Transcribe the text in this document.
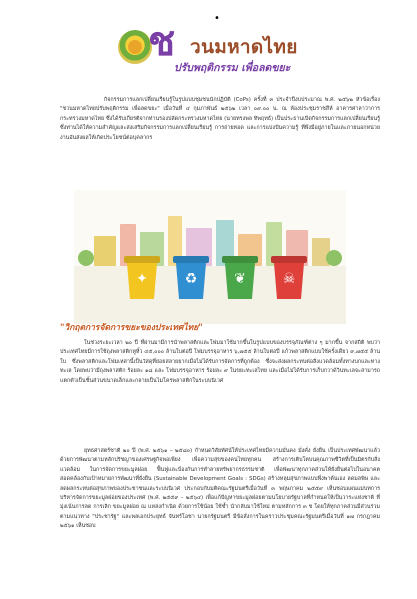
•
ช วนมหาดไทย
ปรับพฤติกรรม เพื่อลดขยะ

กิจกรรมการแลกเปลี่ยนเรียนรู้ในรูปแบบชุมชนนักปฏิบัติ (CoPs) ครั้งที่ ๓ ประจำปีงบประมาณ พ.ศ. ๒๕๖๒ หัวข้อเรื่อง "ชวนมหาดไทยปรับพฤติกรรม เพื่อลดขยะ" เมื่อวันที่ ๔ กุมภาพันธ์ ๒๕๖๒ เวลา ๐๙.๐๐ น. ณ ห้องประชุมราชสีห์ อาคารศาลาว่าการกระทรวงมหาดไทย ซึ่งได้รับเกียรติจากท่านรองปลัดกระทรวงมหาดไทย (นายทรงพล ทิพฤทธ์) เป็นประธานเปิดกิจกรรมการแลกเปลี่ยนเรียนรู้ ซึ่งท่านได้ให้ความสำคัญและส่งเสริมกิจกรรมการแลกเปลี่ยนเรียนรู้ การถ่ายทอด และการแบ่งปันความรู้ ที่พึงมีอยู่ภายในและภายนอกหน่วยงานอันส่งผลให้เกิดประโยชน์ต่อบุคลากร

✦	♻	❦	☠
"วิกฤตการจัดการขยะของประเทศไทย"

ในช่วงระยะเวลา ๒๐ ปี ที่ผ่านมามีการนำพลาสติกและโฟมมาใช้มากขึ้นในรูปแบบของบรรจุภัณฑ์ต่าง ๆ มากขึ้น จากสถิติ พบว่า ประเทศไทยมีการใช้ถุงพลาสติกหูหิ้ว ๔๕,๐๐๐ ล้านใบต่อปี โฟมบรรจุอาหาร ๖,๗๕๕ ล้านใบต่อปี แก้วพลาสติกแบบใช้ครั้งเดียว ๙,๗๕๕ ล้านใบ ซึ่งพลาสติกและโฟมเหล่านี้เป็นวัสดุที่ย่อยสลายยากเมื่อไม่ได้รับการจัดการที่ถูกต้อง ซึ่งจะส่งผลกระทบต่อสิ่งแวดล้อมทั้งทางบกและทางทะเล โดยพบว่ามีถุงพลาสติก ร้อยละ ๑๘ และ โฟมบรรจุอาหาร ร้อยละ ๙ ในขยะทะเลไทย และเมื่อไม่ได้รับการเก็บกวาด้วินทะเลจะสามารถแตกตัวเป็นชิ้นส่วนขนาดเล็กและกลายเป็นไมโครพลาสติกในระบบนิเวศ

ยุทธศาสตร์ชาติ ๒๐ ปี (พ.ศ. ๒๕๖๑ – ๒๕๘๐) กำหนดวิสัยทัศน์ให้ประเทศไทยมีความมั่นคง มั่งคั่ง ยั่งยืน เป็นประเทศพัฒนาแล้ว ด้วยการพัฒนาตามหลักปรัชญาของเศรษฐกิจพอเพียง เพื่อความสุขของคนไทยทุกคน สร้างการเติบโตบนคุณภาพชีวิตที่เป็นมิตรกับสิ่งแวดล้อม ในการจัดการขยะมูลฝอย ฟื้นฟูและป้องกันการทำลายทรัพยากรธรรมชาติ เพื่อพัฒนาทุกภาคส่วนให้ยั่งยืนต่อไปในอนาคต สอดคล้องกับเป้าหมายการพัฒนาที่ยั่งยืน (Sustainable Development Goals : SDGs) สร้างหลุมสุขภาพแบบพึ่งพาต้นเอง ลดมลพิษ และลดผลกระทบต่อสุขภาพของประชาชนและระบบนิเวศ ประกอบกับมติคณะรัฐมนตรีเมื่อวันที่ ๓ พฤษภาคม ๒๕๕๙ เห็นชอบแผนแม่บทการบริหารจัดการขยะมูลฝอยของประเทศ (พ.ศ. ๒๕๕๙ – ๒๕๖๔) เพื่อแก้ปัญหาขยะมูลฝอยตามนโยบายรัฐบาลที่กำหนดให้เป็นวาระแห่งชาติ ที่มุ่งเน้นการลด การเลิก ขยะมูลฝอย ณ แหล่งกำเนิด ด้วยการใช้น้อย ใช้ซ้ำ นำกลับมาใช้ใหม่ ตามหลักการ ๓ ช โดยให้ทุกภาคส่วนมีส่วนร่วมตามแนวทาง "ประชารัฐ" และพลเอกประยุทธ์ จันทร์โอชา นายกรัฐมนตรี มีข้อสั่งการในคราวประชุมคณะรัฐมนตรีเมื่อวันที่ ๑๗ กรกฎาคม ๒๕๖๑ เห็นชอบ
